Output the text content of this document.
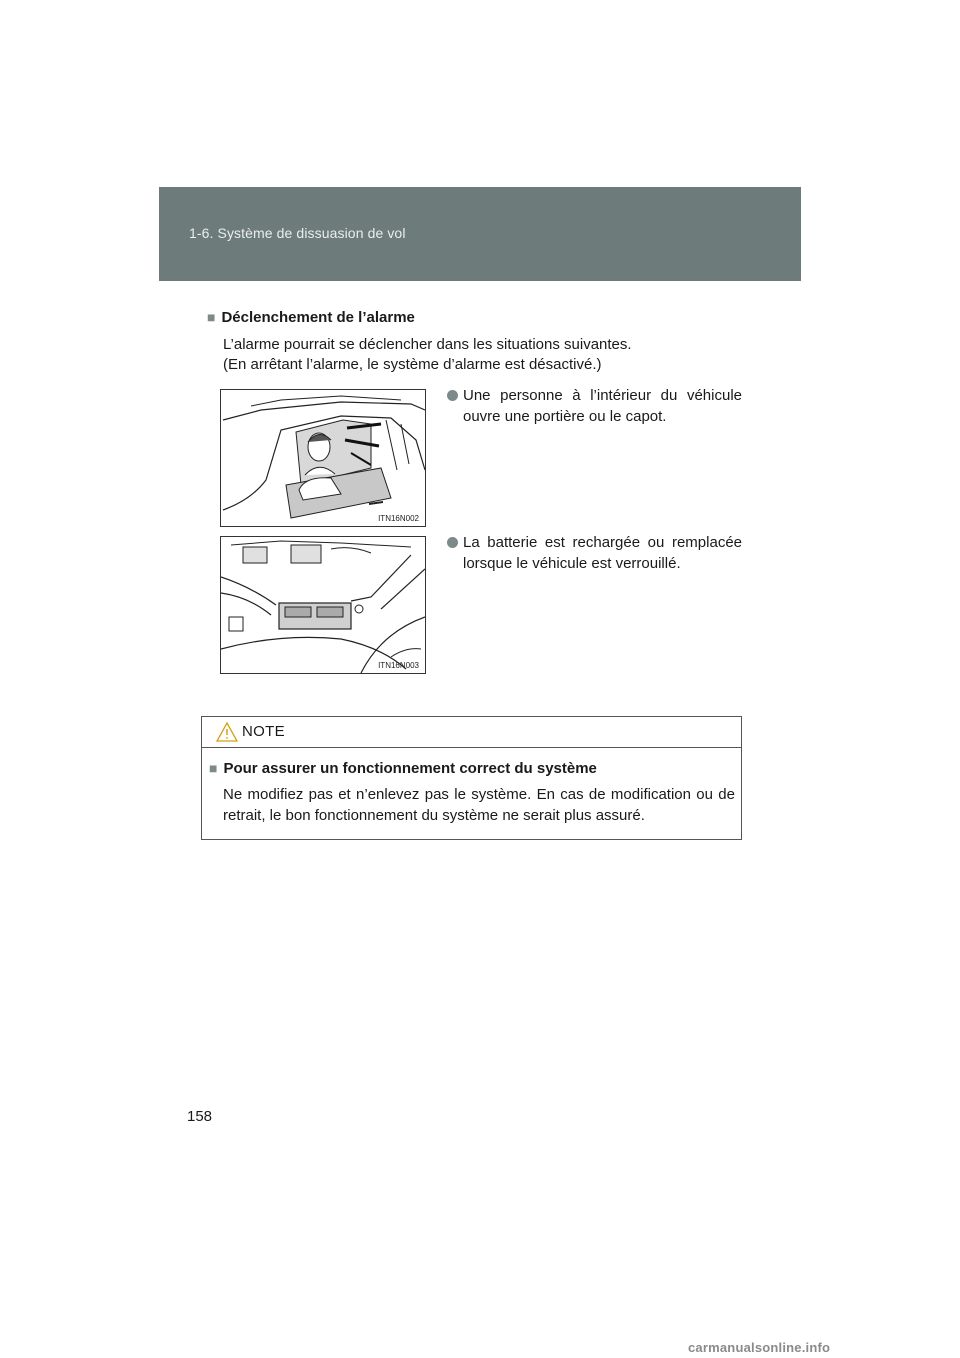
1-6. Système de dissuasion de vol
■ Déclenchement de l’alarme

L’alarme pourrait se déclencher dans les situations suivantes.

(En arrêtant l’alarme, le système d’alarme est désactivé.)

ITN16N002
ITN16N003
Une personne à l’intérieur du véhicule ouvre une portière ou le capot.
La batterie est rechargée ou remplacée lorsque le véhicule est verrouillé.
NOTE
■ Pour assurer un fonctionnement correct du système

Ne modifiez pas et n’enlevez pas le système. En cas de modification ou de retrait, le bon fonctionnement du système ne serait plus assuré.

158
carmanualsonline.info
